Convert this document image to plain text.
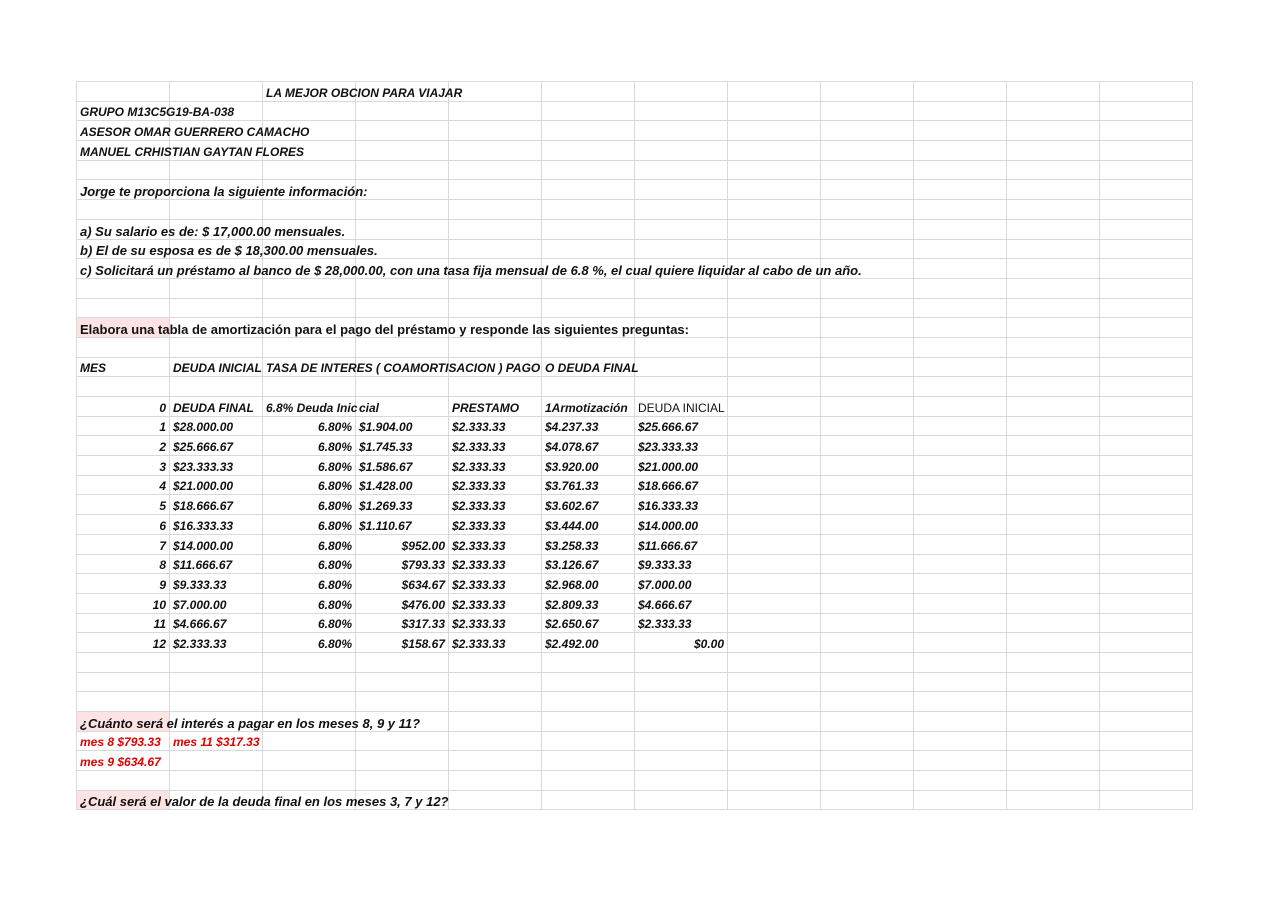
		LA MEJOR OBCION PARA VIAJAR									
GRUPO M13C5G19-BA-038											
ASESOR OMAR GUERRERO CAMACHO											
MANUEL CRHISTIAN GAYTAN FLORES											

Jorge te proporciona la siguiente información:											

a) Su salario es de: $ 17,000.00 mensuales.											
b) El de su esposa es de $ 18,300.00 mensuales.											
c) Solicitará un préstamo al banco de $ 28,000.00, con una tasa fija mensual de 6.8 %, el cual quiere liquidar al cabo de un año.											

Elabora una tabla de amortización para el pago del préstamo y responde las siguientes preguntas:											

MES	DEUDA INICIAL	TASA DE INTERES ( COAMORTISACION ) PAGO			O DEUDA FINAL						

0	DEUDA FINAL	6.8% Deuda Inic	cial	PRESTAMO	1Armotización	DEUDA INICIAL					
1	$28.000.00	6.80%	$1.904.00	$2.333.33	$4.237.33	$25.666.67					
2	$25.666.67	6.80%	$1.745.33	$2.333.33	$4.078.67	$23.333.33					
3	$23.333.33	6.80%	$1.586.67	$2.333.33	$3.920.00	$21.000.00					
4	$21.000.00	6.80%	$1.428.00	$2.333.33	$3.761.33	$18.666.67					
5	$18.666.67	6.80%	$1.269.33	$2.333.33	$3.602.67	$16.333.33					
6	$16.333.33	6.80%	$1.110.67	$2.333.33	$3.444.00	$14.000.00					
7	$14.000.00	6.80%	$952.00	$2.333.33	$3.258.33	$11.666.67					
8	$11.666.67	6.80%	$793.33	$2.333.33	$3.126.67	$9.333.33					
9	$9.333.33	6.80%	$634.67	$2.333.33	$2.968.00	$7.000.00					
10	$7.000.00	6.80%	$476.00	$2.333.33	$2.809.33	$4.666.67					
11	$4.666.67	6.80%	$317.33	$2.333.33	$2.650.67	$2.333.33					
12	$2.333.33	6.80%	$158.67	$2.333.33	$2.492.00	$0.00					

¿Cuánto será el interés a pagar en los meses 8, 9 y 11?											
mes 8 $793.33	mes 11 $317.33										
mes 9 $634.67											

¿Cuál será el valor de la deuda final en los meses 3, 7 y 12?											
